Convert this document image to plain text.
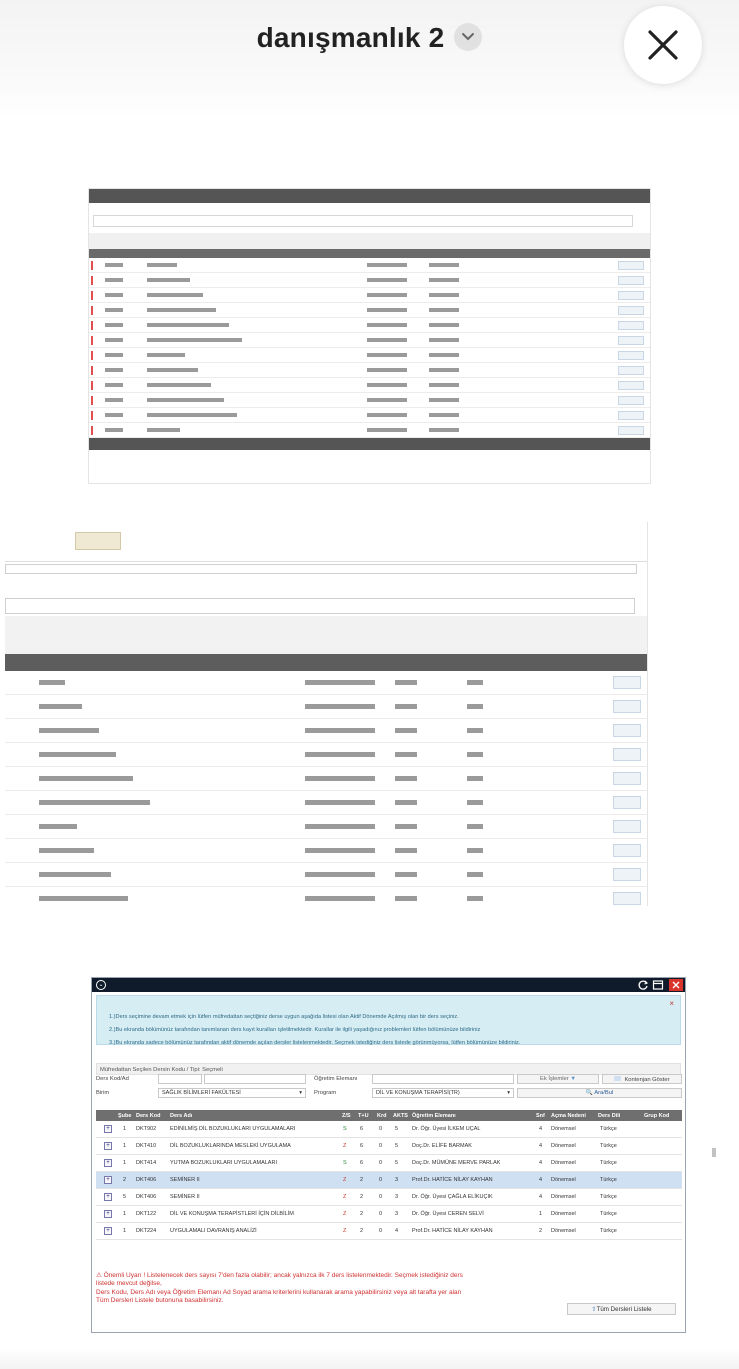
danışmanlık 2
⌄
×
1.)Ders seçimine devam etmek için lütfen müfredattan seçtiğiniz derse uygun aşağıda listesi olan Aktif Dönemde Açılmış olan bir ders seçiniz.
2.)Bu ekranda bölümünüz tarafından tanımlanan ders kayıt kuralları işletilmektedir. Kurallar ile ilgili yaşadığınız problemleri lütfen bölümünüze bildiriniz
3.)Bu ekranda sadece bölümünüz tarafından aktif dönemde açılan dersler listelenmektedir. Seçmek istediğiniz ders listede görünmüyorsa, lütfen bölümünüze bildiriniz.
Müfredattan Seçilen Dersin Kodu / Tipi: Seçmeli
Ders Kod/Ad	Öğretim Elemanı	Ek İşlemler ▼	Kontenjan Göster
Birim	SAĞLIK BİLİMLERİ FAKÜLTESİ	▾ Program	DİL VE KONUŞMA TERAPİSİ(TR)	▾	🔍 Ara/Bul
Şube Ders Kod Ders Adı	Z/S T+U Krd AKTS Öğretim Elemanı	Snf Açma Nedeni Ders Dili	Grup Kod
+	1 DKT902	EDİNİLMİŞ DİL BOZUKLUKLARI UYGULAMALARI	S 6	0 5	Dr. Öğr. Üyesi İLKEM UÇAL	4 Dönemsel	Türkçe
+	1 DKT410	DİL BOZUKLUKLARINDA MESLEKİ UYGULAMA	Z 6	0 5	Doç.Dr. ELİFE BARMAK	4 Dönemsel	Türkçe
+	1 DKT414	YUTMA BOZUKLUKLARI UYGULAMALARI	S 6	0 5	Doç.Dr. MÜMÜNE MERVE PARLAK	4 Dönemsel	Türkçe
+	2 DKT406	SEMİNER II	Z 2	0 3	Prof.Dr. HATİCE NİLAY KAYHAN	4 Dönemsel	Türkçe
+	5 DKT406	SEMİNER II	Z 2	0 3	Dr. Öğr. Üyesi ÇAĞLA ELİKUÇIK	4 Dönemsel	Türkçe
+	1 DKT122	DİL VE KONUŞMA TERAPİSTLERİ İÇİN DİLBİLİM	Z 2	0 3	Dr. Öğr. Üyesi CEREN SELVİ	1 Dönemsel	Türkçe
+	1 DKT224	UYGULAMALI DAVRANIŞ ANALİZİ	Z 2	0 4	Prof.Dr. HATİCE NİLAY KAYHAN	2 Dönemsel	Türkçe
⚠ Önemli Uyarı ! Listelenecek ders sayısı 7'den fazla olabilir; ancak yalnızca ilk 7 ders listelenmektedir. Seçmek istediğiniz ders
listede mevcut değilse,
Ders Kodu, Ders Adı veya Öğretim Elemanı Ad Soyad arama kriterlerini kullanarak arama yapabilirsiniz veya alt tarafta yer alan
Tüm Dersleri Listele butonuna basabilirsiniz.
⇧Tüm Dersleri Listele
